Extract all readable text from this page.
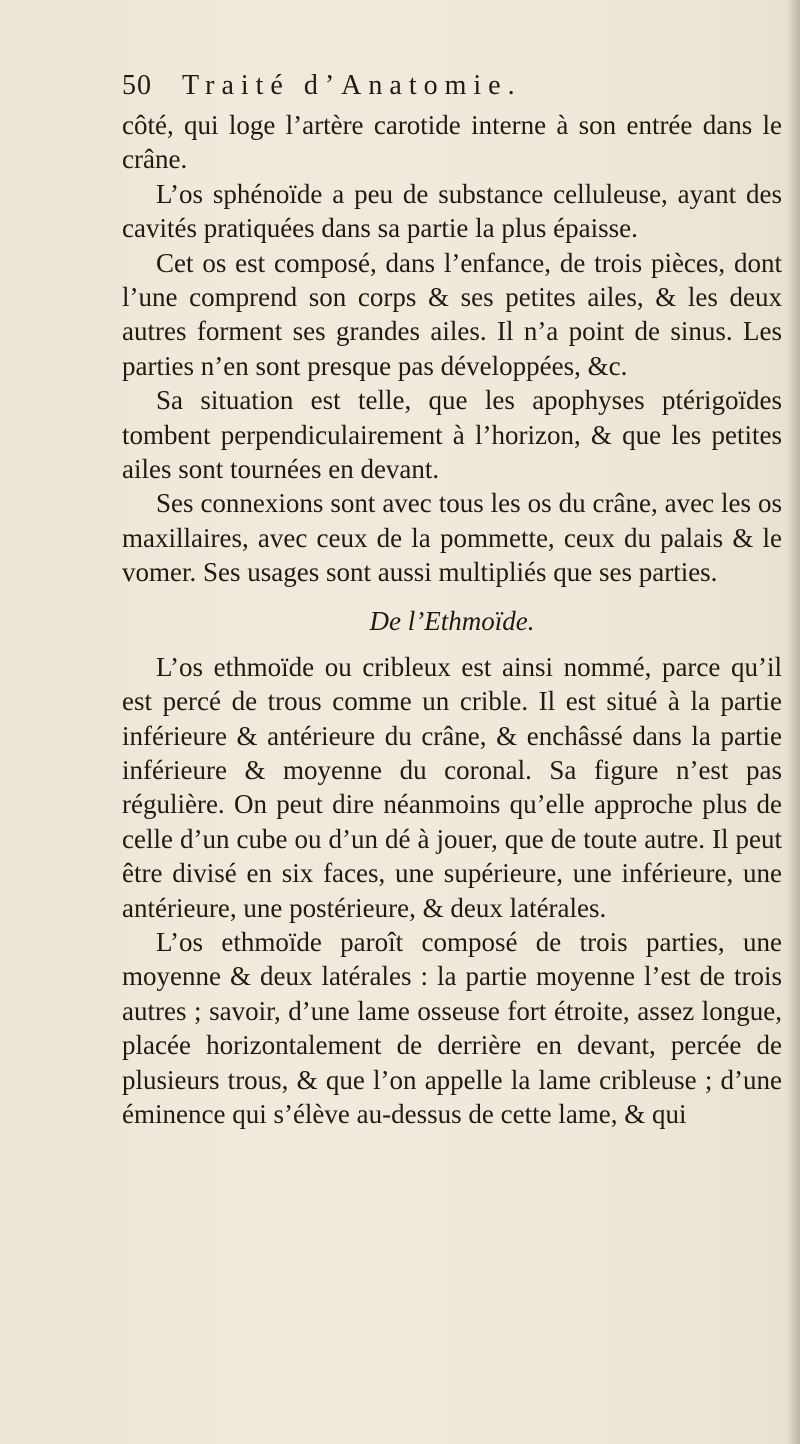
50 Traité d’Anatomie.

côté, qui loge l’artère carotide interne à son entrée dans le crâne.

L’os sphénoïde a peu de substance celluleuse, ayant des cavités pratiquées dans sa partie la plus épaisse.

Cet os est composé, dans l’enfance, de trois pièces, dont l’une comprend son corps & ses petites ailes, & les deux autres forment ses grandes ailes. Il n’a point de sinus. Les parties n’en sont presque pas développées, &c.

Sa situation est telle, que les apophyses ptérigoïdes tombent perpendiculairement à l’horizon, & que les petites ailes sont tournées en devant.

Ses connexions sont avec tous les os du crâne, avec les os maxillaires, avec ceux de la pommette, ceux du palais & le vomer. Ses usages sont aussi multipliés que ses parties.

De l’Ethmoïde.

L’os ethmoïde ou cribleux est ainsi nommé, parce qu’il est percé de trous comme un crible. Il est situé à la partie inférieure & antérieure du crâne, & enchâssé dans la partie inférieure & moyenne du coronal. Sa figure n’est pas régulière. On peut dire néanmoins qu’elle approche plus de celle d’un cube ou d’un dé à jouer, que de toute autre. Il peut être divisé en six faces, une supérieure, une inférieure, une antérieure, une postérieure, & deux latérales.

L’os ethmoïde paroît composé de trois parties, une moyenne & deux latérales : la partie moyenne l’est de trois autres ; savoir, d’une lame osseuse fort étroite, assez longue, placée horizontalement de derrière en devant, percée de plusieurs trous, & que l’on appelle la lame cribleuse ; d’une éminence qui s’élève au-dessus de cette lame, & qui
